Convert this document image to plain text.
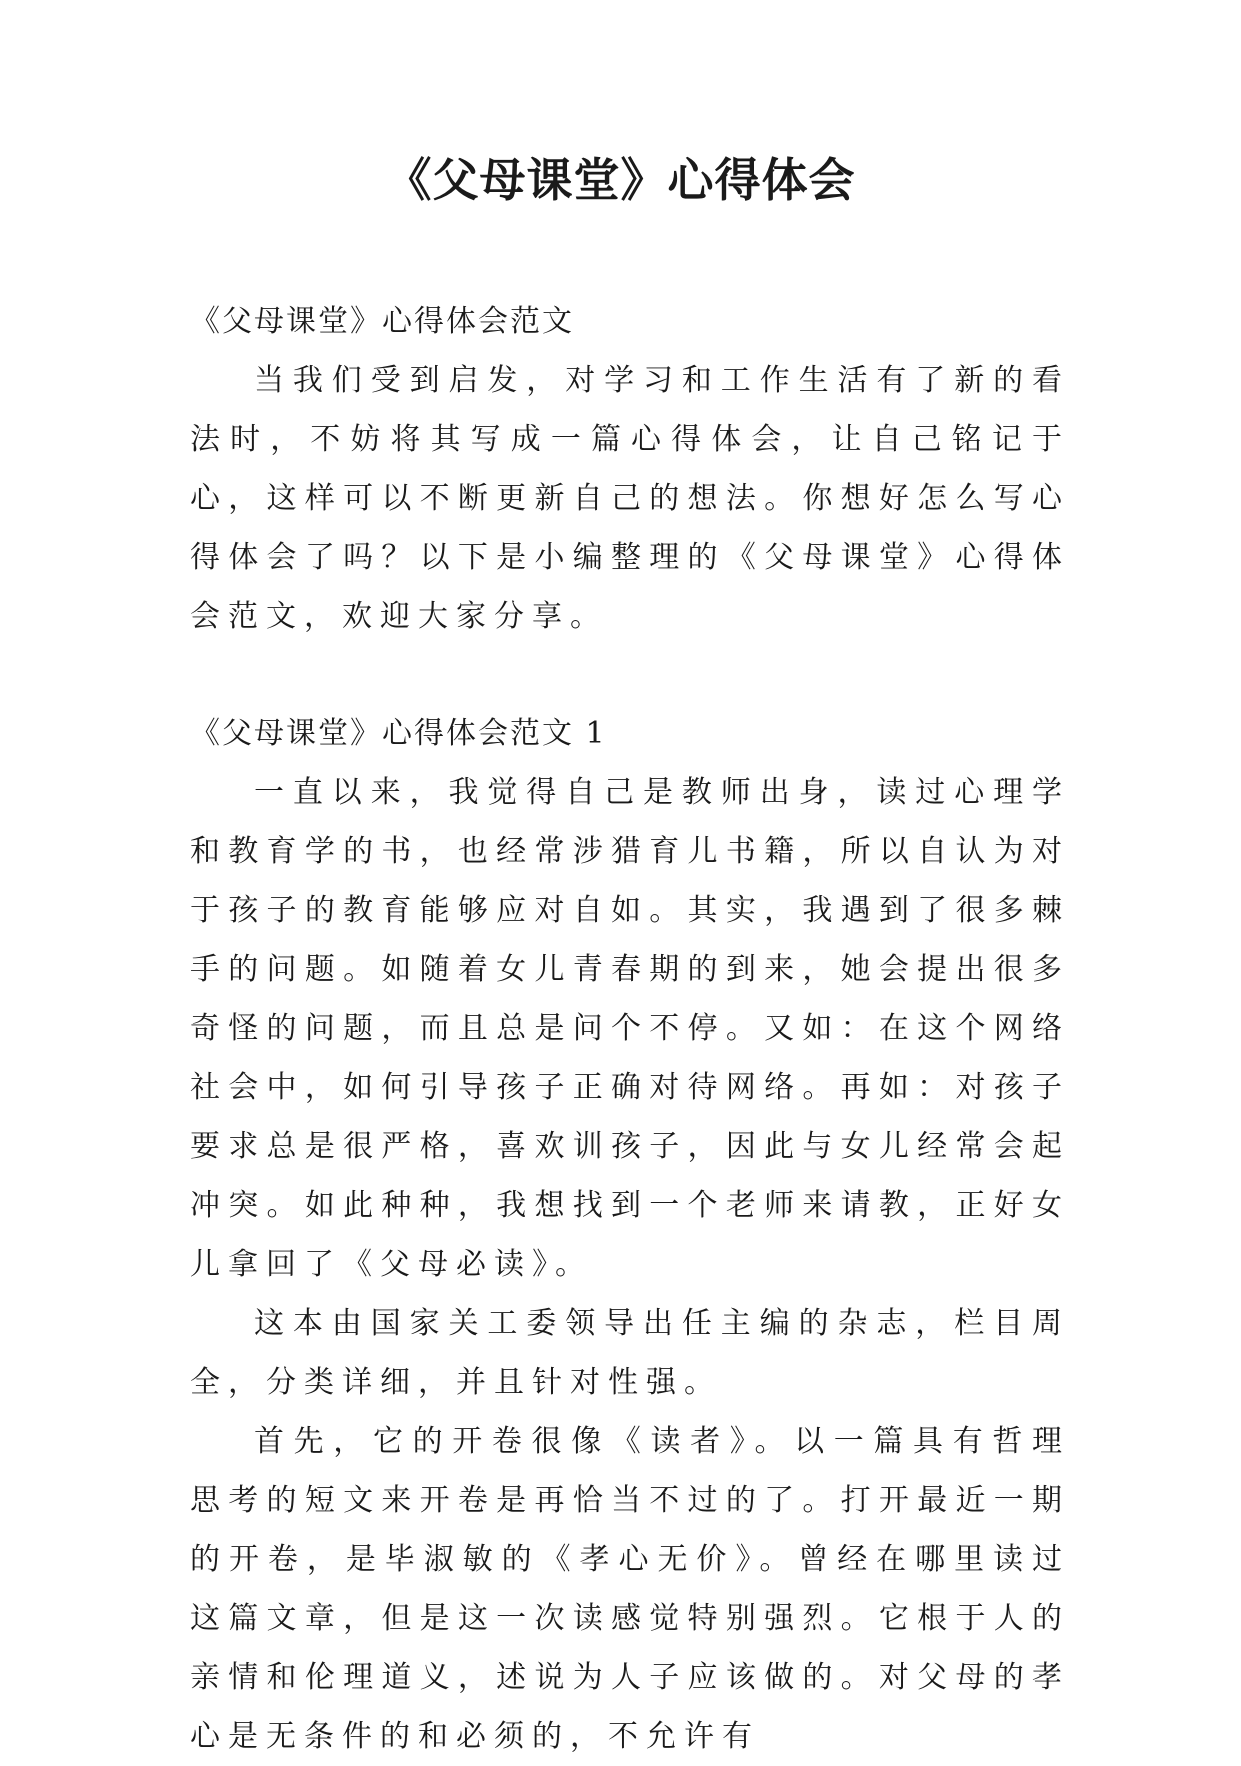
《父母课堂》心得体会
《父母课堂》心得体会范文

当我们受到启发，对学习和工作生活有了新的看法时，不妨将其写成一篇心得体会，让自己铭记于心，这样可以不断更新自己的想法。你想好怎么写心得体会了吗？以下是小编整理的《父母课堂》心得体会范文，欢迎大家分享。

《父母课堂》心得体会范文 1

一直以来，我觉得自己是教师出身，读过心理学和教育学的书，也经常涉猎育儿书籍，所以自认为对于孩子的教育能够应对自如。其实，我遇到了很多棘手的问题。如随着女儿青春期的到来，她会提出很多奇怪的问题，而且总是问个不停。又如：在这个网络社会中，如何引导孩子正确对待网络。再如：对孩子要求总是很严格，喜欢训孩子，因此与女儿经常会起冲突。如此种种，我想找到一个老师来请教，正好女儿拿回了《父母必读》。

这本由国家关工委领导出任主编的杂志，栏目周全，分类详细，并且针对性强。

首先，它的开卷很像《读者》。以一篇具有哲理思考的短文来开卷是再恰当不过的了。打开最近一期的开卷，是毕淑敏的《孝心无价》。曾经在哪里读过这篇文章，但是这一次读感觉特别强烈。它根于人的亲情和伦理道义，述说为人子应该做的。对父母的孝心是无条件的和必须的，不允许有
